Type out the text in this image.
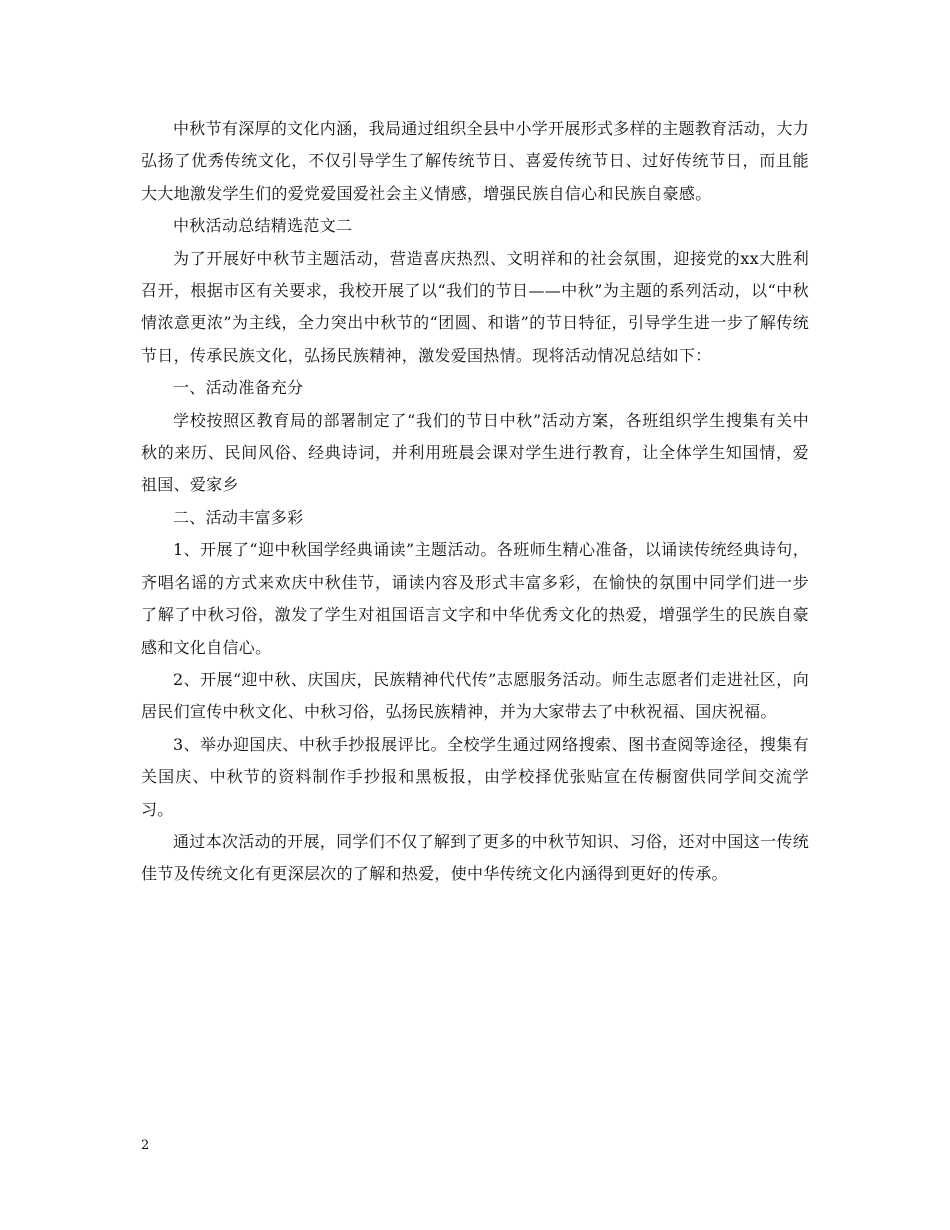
中秋节有深厚的文化内涵，我局通过组织全县中小学开展形式多样的主题教育活动，大力弘扬了优秀传统文化，不仅引导学生了解传统节日、喜爱传统节日、过好传统节日，而且能大大地激发学生们的爱党爱国爱社会主义情感，增强民族自信心和民族自豪感。

中秋活动总结精选范文二

为了开展好中秋节主题活动，营造喜庆热烈、文明祥和的社会氛围，迎接党的xx大胜利召开，根据市区有关要求，我校开展了以“我们的节日——中秋”为主题的系列活动，以“中秋情浓意更浓”为主线，全力突出中秋节的“团圆、和谐”的节日特征，引导学生进一步了解传统节日，传承民族文化，弘扬民族精神，激发爱国热情。现将活动情况总结如下：

一、活动准备充分

学校按照区教育局的部署制定了“我们的节日中秋”活动方案，各班组织学生搜集有关中秋的来历、民间风俗、经典诗词，并利用班晨会课对学生进行教育，让全体学生知国情，爱祖国、爱家乡

二、活动丰富多彩

1、开展了“迎中秋国学经典诵读”主题活动。各班师生精心准备，以诵读传统经典诗句，齐唱名谣的方式来欢庆中秋佳节，诵读内容及形式丰富多彩，在愉快的氛围中同学们进一步了解了中秋习俗，激发了学生对祖国语言文字和中华优秀文化的热爱，增强学生的民族自豪感和文化自信心。

2、开展“迎中秋、庆国庆，民族精神代代传”志愿服务活动。师生志愿者们走进社区，向居民们宣传中秋文化、中秋习俗，弘扬民族精神，并为大家带去了中秋祝福、国庆祝福。

3、举办迎国庆、中秋手抄报展评比。全校学生通过网络搜索、图书查阅等途径，搜集有关国庆、中秋节的资料制作手抄报和黑板报，由学校择优张贴宣在传橱窗供同学间交流学习。

通过本次活动的开展，同学们不仅了解到了更多的中秋节知识、习俗，还对中国这一传统佳节及传统文化有更深层次的了解和热爱，使中华传统文化内涵得到更好的传承。

2
